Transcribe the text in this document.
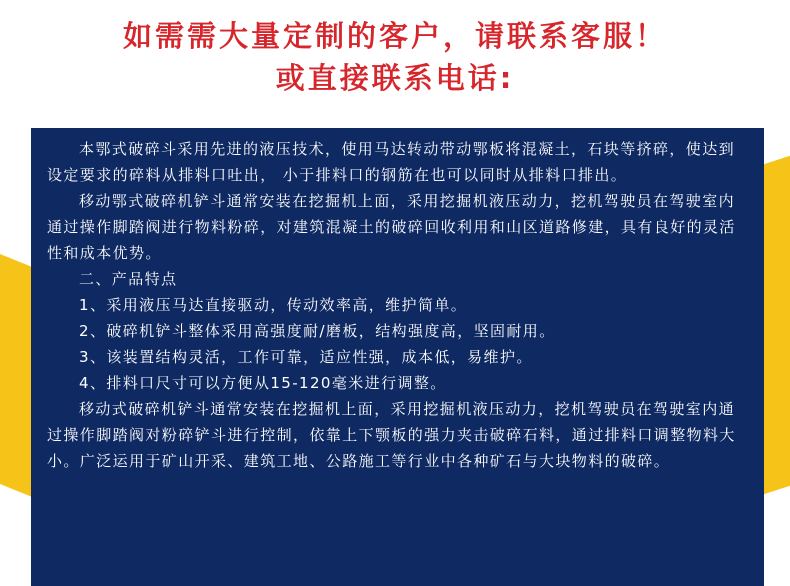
如需需大量定制的客户，请联系客服！
或直接联系电话:

本鄂式破碎斗采用先进的液压技术，使用马达转动带动鄂板将混凝土，石块等挤碎，使达到设定要求的碎料从排料口吐出， 小于排料口的钢筋在也可以同时从排料口排出。

移动鄂式破碎机铲斗通常安装在挖掘机上面，采用挖掘机液压动力，挖机驾驶员在驾驶室内通过操作脚踏阀进行物料粉碎，对建筑混凝土的破碎回收利用和山区道路修建，具有良好的灵活性和成本优势。

二、产品特点

1、采用液压马达直接驱动，传动效率高，维护简单。

2、破碎机铲斗整体采用高强度耐/磨板，结构强度高，坚固耐用。

3、该装置结构灵活，工作可靠，适应性强，成本低，易维护。

4、排料口尺寸可以方便从15-120毫米进行调整。

移动式破碎机铲斗通常安装在挖掘机上面，采用挖掘机液压动力，挖机驾驶员在驾驶室内通过操作脚踏阀对粉碎铲斗进行控制，依靠上下颚板的强力夹击破碎石料，通过排料口调整物料大小。广泛运用于矿山开采、建筑工地、公路施工等行业中各种矿石与大块物料的破碎。
